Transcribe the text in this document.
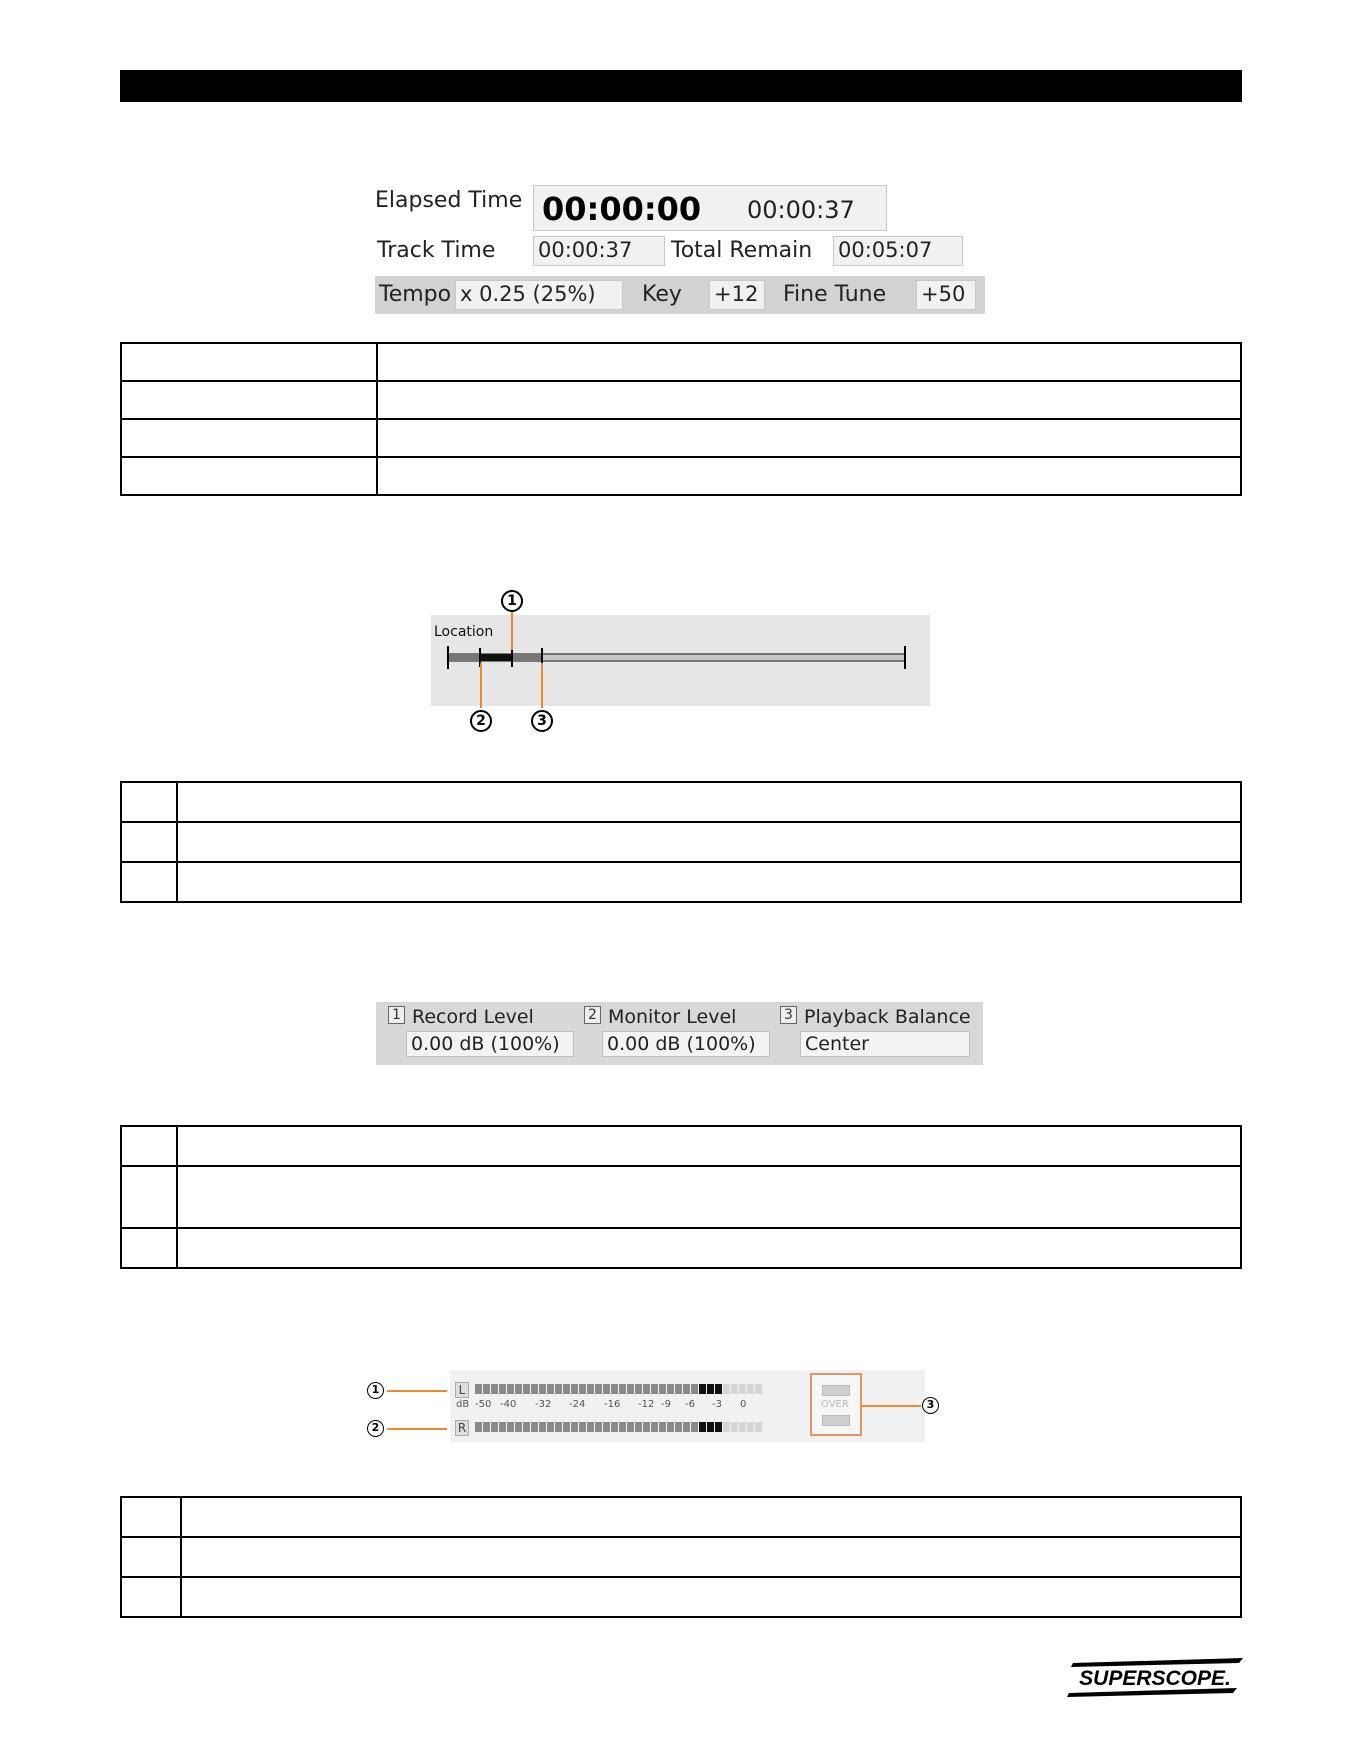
Elapsed Time 00:00:00 00:00:37
Track Time 00:00:37	Total Remain 00:05:07
Tempo x 0.25 (25%)	Key +12	Fine Tune +50

Location
1
2	3

1 Record Level
0.00 dB (100%)
2 Monitor Level
0.00 dB (100%)
3 Playback Balance
Center

1
2
3
L
R
dB -50 -40 -32 -24 -16 -12 -9 -6 -3 0	OVER

SUPERSCOPE.
